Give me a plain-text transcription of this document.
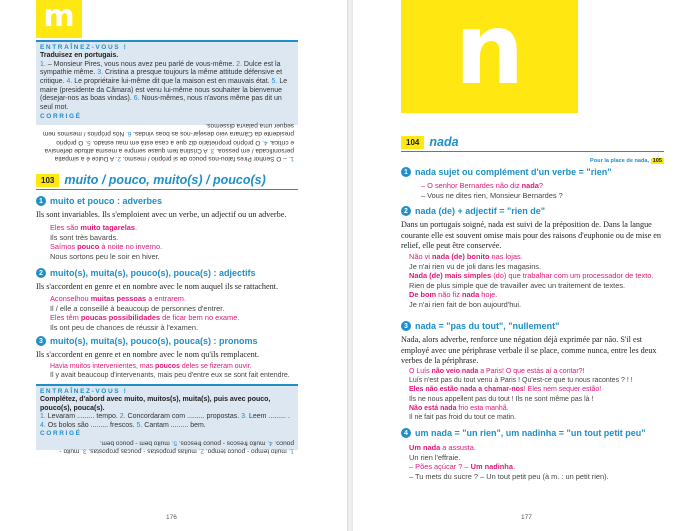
m
ENTRAÎNEZ-VOUS !
Traduisez en portugais.
1. – Monsieur Pires, vous nous avez peu parlé de vous-même. 2. Dulce est la sympathie même. 3. Cristina a presque toujours la même attitude défensive et critique. 4. Le propriétaire lui-même dit que la maison est en mauvais état. 5. Le maire (presidente da Câmara) est venu lui-même nous souhaiter la bienvenue (desejar-nos as boas vindas). 6. Nous-mêmes, nous n'avons même pas dit un seul mot.
CORRIGÉ
1. – O Senhor Pires falou-nos pouco de si próprio / mesmo. 2. A Dulce é a simpatia personificada / em pessoa. 3. A Cristina tem quase sempre a mesma atitude defensiva e crítica. 4. O próprio proprietário diz que a casa está em mau estado. 5. O próprio presidente da Câmara veio desejar-nos as boas vindas. 6. Nós próprios / mesmos nem sequer uma palavra dissemos.
103 muito / pouco, muito(s) / pouco(s)
1 muito et pouco : adverbes
Ils sont invariables. Ils s'emploient avec un verbe, un adjectif ou un adverbe.
Eles são muito tagarelas.
Ils sont très bavards.
Saímos pouco à noite no inverno.
Nous sortons peu le soir en hiver.
2 muito(s), muita(s), pouco(s), pouca(s) : adjectifs
Ils s'accordent en genre et en nombre avec le nom auquel ils se rattachent.
Aconselhou muitas pessoas a entrarem.
Il / elle a conseillé à beaucoup de personnes d'entrer.
Eles têm poucas possibilidades de ficar bem no exame.
Ils ont peu de chances de réussir à l'examen.
3 muito(s), muita(s), pouco(s), pouca(s) : pronoms
Ils s'accordent en genre et en nombre avec le nom qu'ils remplacent.
Havia muitos intervenientes, mas poucos deles se fizeram ouvir.
Il y avait beaucoup d'intervenants, mais peu d'entre eux se sont fait entendre.
ENTRAÎNEZ-VOUS !
Complétez, d'abord avec muito, muitos(s), muita(s), puis avec pouco, pouco(s), pouca(s).
1. Levaram ......... tempo. 2. Concordaram com ......... propostas. 3. Leem ......... . 4. Os bolos são ......... frescos. 5. Cantam ......... bem.
CORRIGÉ
1. muito tempo - pouco tempo. 2. muitas propostas - poucas propostas. 3. muito - pouco. 4. muito frescos - pouco frescos. 5. muito bem - pouco bem.
176
n
104 nada
Pour la place de nada, 105
1 nada sujet ou complément d'un verbe = "rien"
– O senhor Bernardes não diz nada?
– Vous ne dites rien, Monsieur Bernardes ?
2 nada (de) + adjectif = "rien de"
Dans un portugais soigné, nada est suivi de la préposition de. Dans la langue courante elle est souvent omise mais pour des raisons d'euphonie ou de mise en relief, elle peut être conservée.
Não vi nada (de) bonito nas lojas.
Je n'ai rien vu de joli dans les magasins.
Nada (de) mais simples (do) que trabalhar com um processador de texto.
Rien de plus simple que de travailler avec un traitement de textes.
De bom não fiz nada hoje.
Je n'ai rien fait de bon aujourd'hui.
3 nada = "pas du tout", "nullement"
Nada, alors adverbe, renforce une négation déjà exprimée par não. S'il est employé avec une périphrase verbale il se place, comme nunca, entre les deux verbes de la périphrase.
O Luís não veio nada a Paris! O que estás aí a contar?!
Luís n'est pas du tout venu à Paris ! Qu'est-ce que tu nous racontes ? ! !
Eles não estão nada a chamar-nos! Eles nem sequer estão!
Ils ne nous appellent pas du tout ! Ils ne sont même pas là !
Não está nada frio esta manhã.
Il ne fait pas froid du tout ce matin.
4 um nada = "un rien", um nadinha = "un tout petit peu"
Um nada a assusta.
Un rien l'effraie.
– Pões açúcar ? – Um nadinha.
– Tu mets du sucre ? – Un tout petit peu (à m. : un petit rien).
177
